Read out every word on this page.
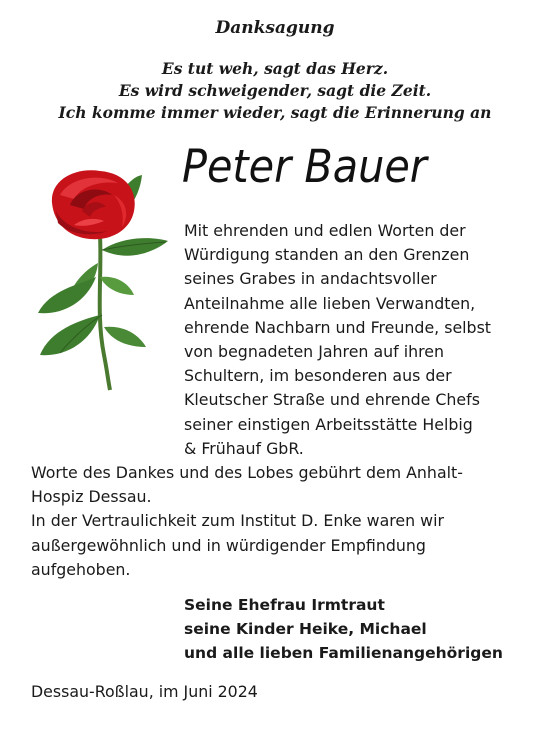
Danksagung
Es tut weh, sagt das Herz.
Es wird schweigender, sagt die Zeit.
Ich komme immer wieder, sagt die Erinnerung an
Peter Bauer
Mit ehrenden und edlen Worten der
Würdigung standen an den Grenzen
seines Grabes in andachtsvoller
Anteilnahme alle lieben Verwandten,
ehrende Nachbarn und Freunde, selbst
von begnadeten Jahren auf ihren
Schultern, im besonderen aus der
Kleutscher Straße und ehrende Chefs
seiner einstigen Arbeitsstätte Helbig
& Frühauf GbR.
Worte des Dankes und des Lobes gebührt dem Anhalt-
Hospiz Dessau.
In der Vertraulichkeit zum Institut D. Enke waren wir
außergewöhnlich und in würdigender Empfindung
aufgehoben.
Seine Ehefrau Irmtraut
seine Kinder Heike, Michael
und alle lieben Familienangehörigen
Dessau-Roßlau, im Juni 2024
